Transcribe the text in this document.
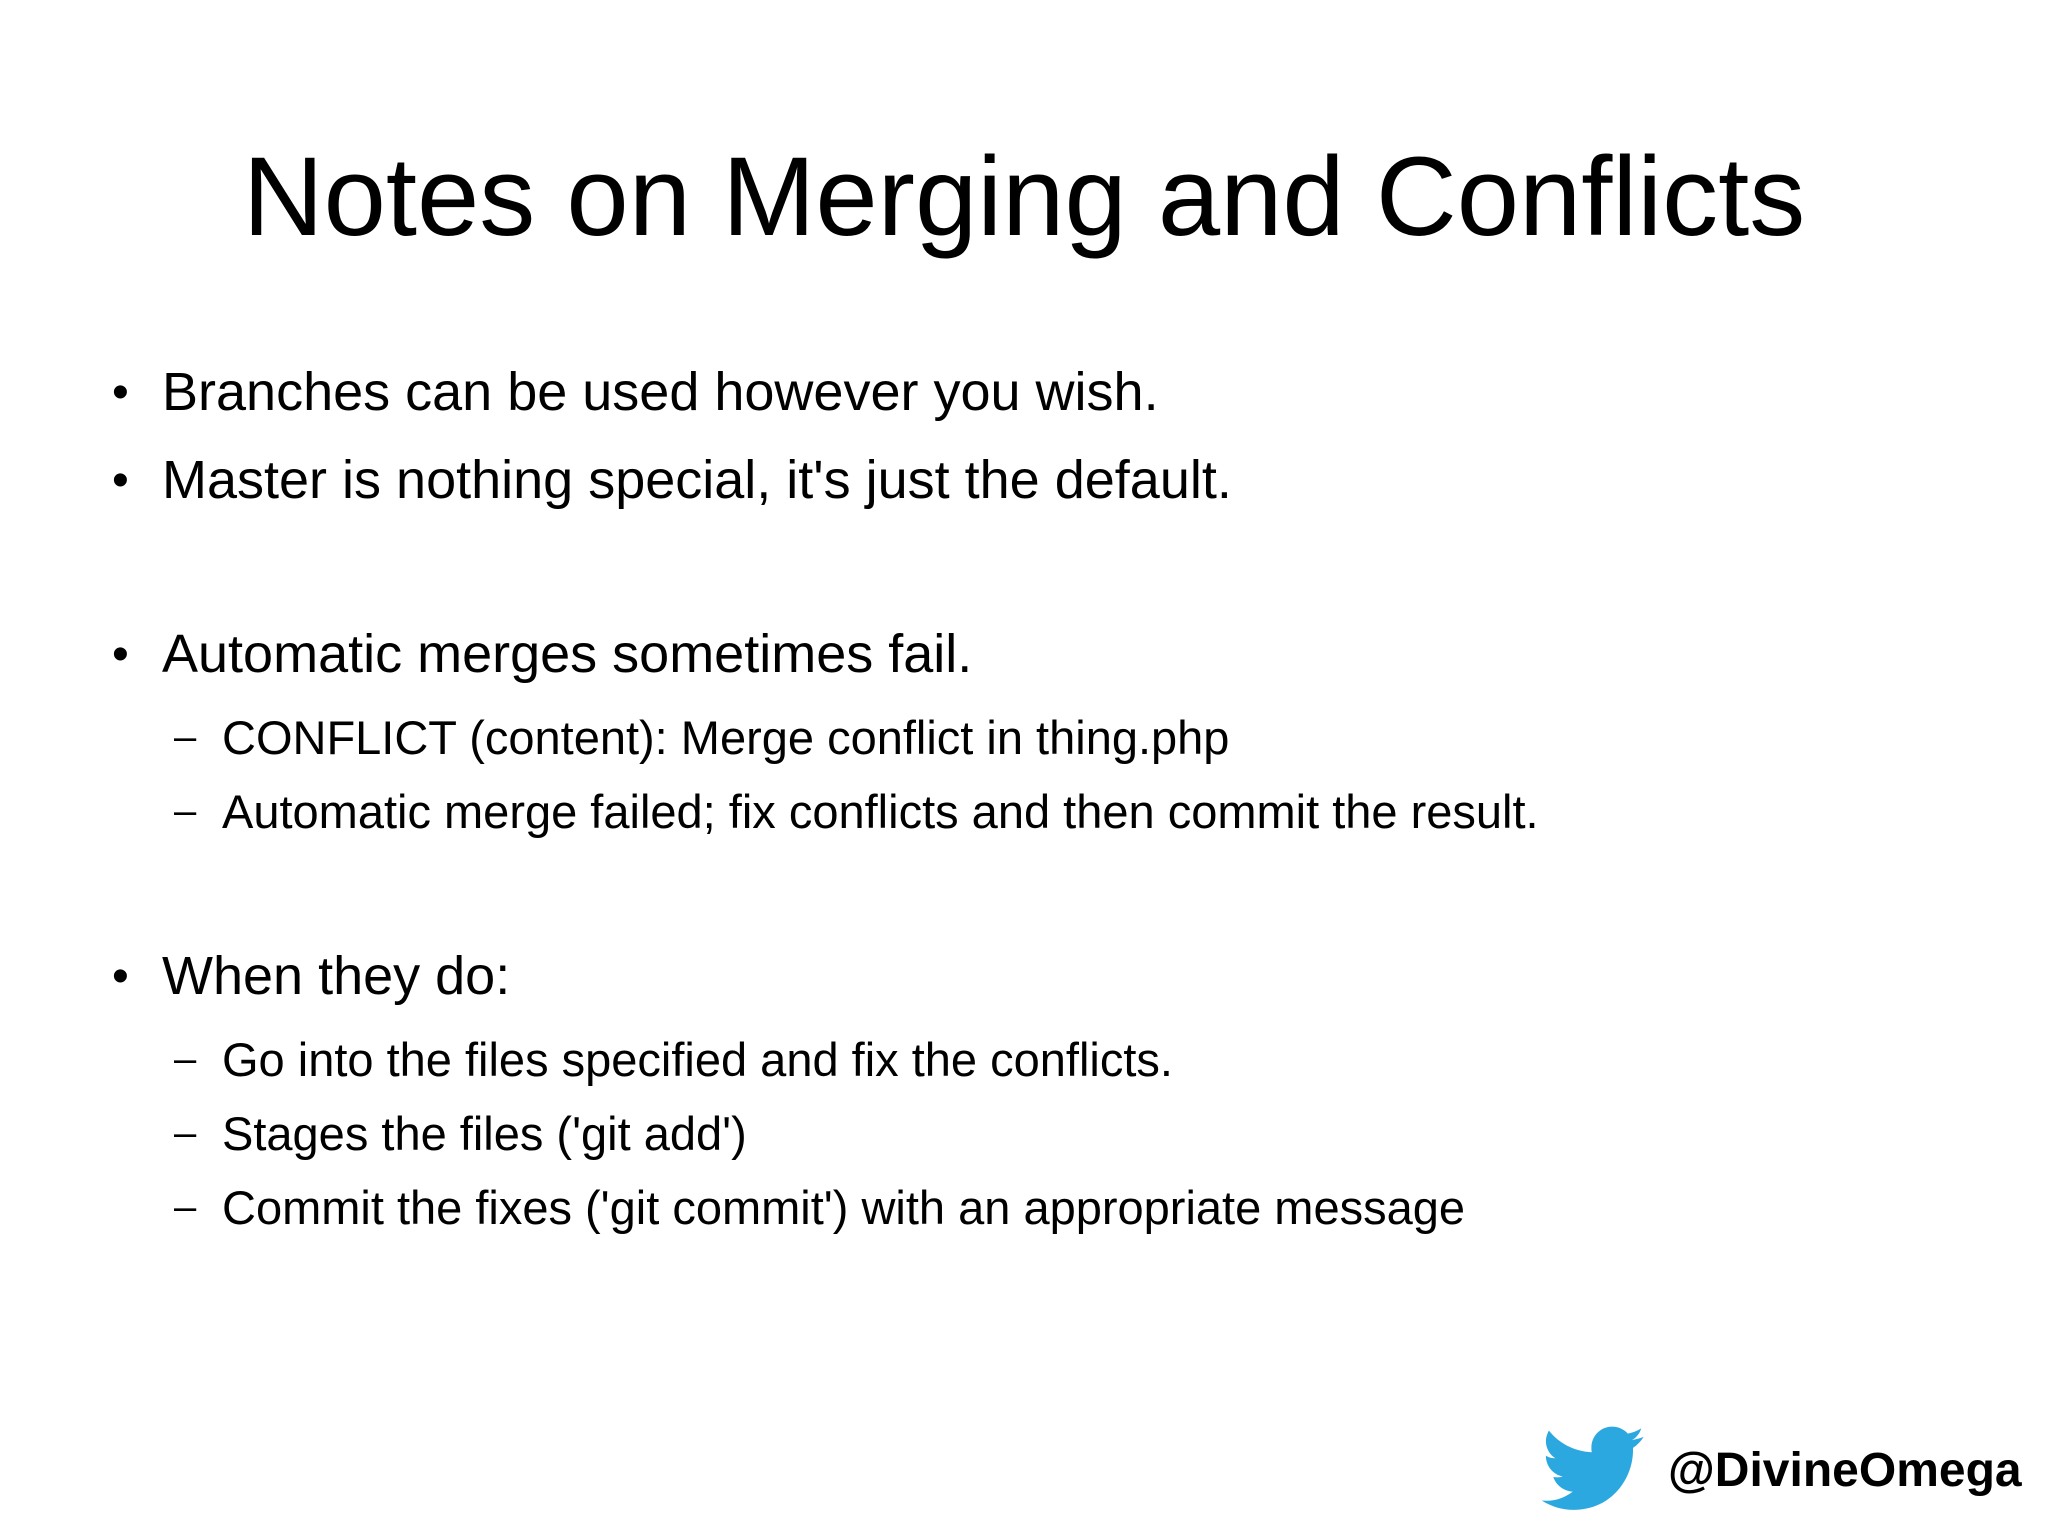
Notes on Merging and Conflicts
• Branches can be used however you wish.
• Master is nothing special, it's just the default.
• Automatic merges sometimes fail.
– CONFLICT (content): Merge conflict in thing.php
– Automatic merge failed; fix conflicts and then commit the result.
• When they do:
– Go into the files specified and fix the conflicts.
– Stages the files ('git add')
– Commit the fixes ('git commit') with an appropriate message
@DivineOmega
